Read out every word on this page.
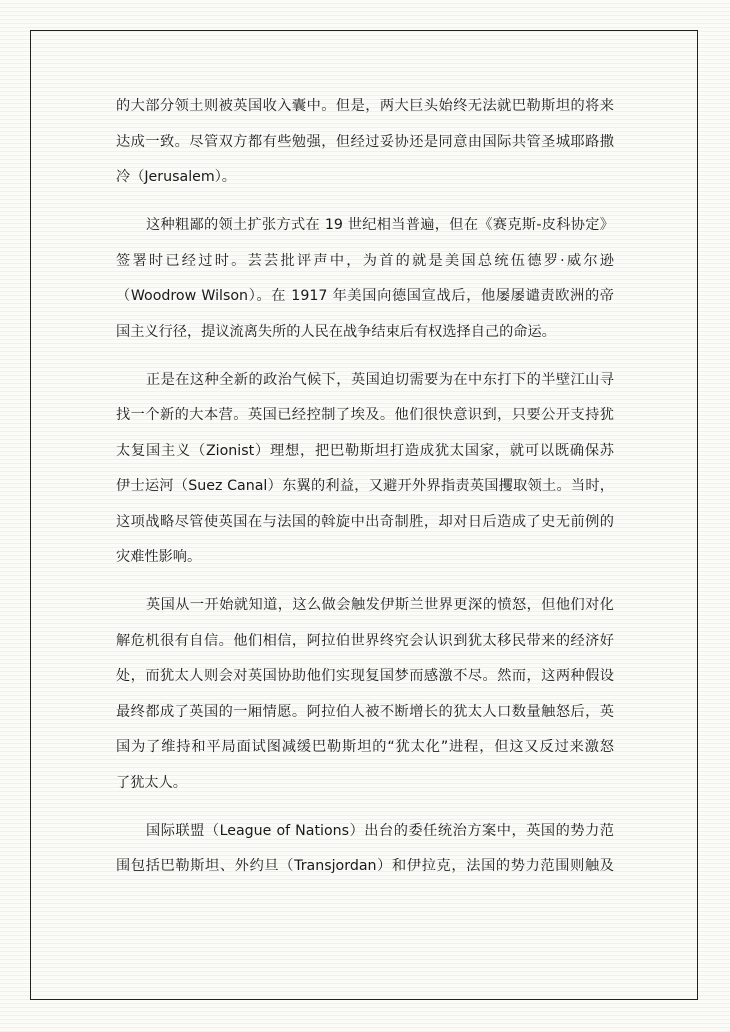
的大部分领土则被英国收入囊中。但是，两大巨头始终无法就巴勒斯坦的将来
达成一致。尽管双方都有些勉强，但经过妥协还是同意由国际共管圣城耶路撒
冷（Jerusalem）。
这种粗鄙的领土扩张方式在 19 世纪相当普遍，但在《赛克斯-皮科协定》
签署时已经过时。芸芸批评声中，为首的就是美国总统伍德罗·威尔逊
（Woodrow Wilson）。在 1917 年美国向德国宣战后，他屡屡谴责欧洲的帝
国主义行径，提议流离失所的人民在战争结束后有权选择自己的命运。
正是在这种全新的政治气候下，英国迫切需要为在中东打下的半壁江山寻
找一个新的大本营。英国已经控制了埃及。他们很快意识到，只要公开支持犹
太复国主义（Zionist）理想，把巴勒斯坦打造成犹太国家，就可以既确保苏
伊士运河（Suez Canal）东翼的利益，又避开外界指责英国攫取领土。当时，
这项战略尽管使英国在与法国的斡旋中出奇制胜，却对日后造成了史无前例的
灾难性影响。
英国从一开始就知道，这么做会触发伊斯兰世界更深的愤怒，但他们对化
解危机很有自信。他们相信，阿拉伯世界终究会认识到犹太移民带来的经济好
处，而犹太人则会对英国协助他们实现复国梦而感激不尽。然而，这两种假设
最终都成了英国的一厢情愿。阿拉伯人被不断增长的犹太人口数量触怒后，英
国为了维持和平局面试图减缓巴勒斯坦的“犹太化”进程，但这又反过来激怒
了犹太人。
国际联盟（League of Nations）出台的委任统治方案中，英国的势力范
围包括巴勒斯坦、外约旦（Transjordan）和伊拉克，法国的势力范围则触及
